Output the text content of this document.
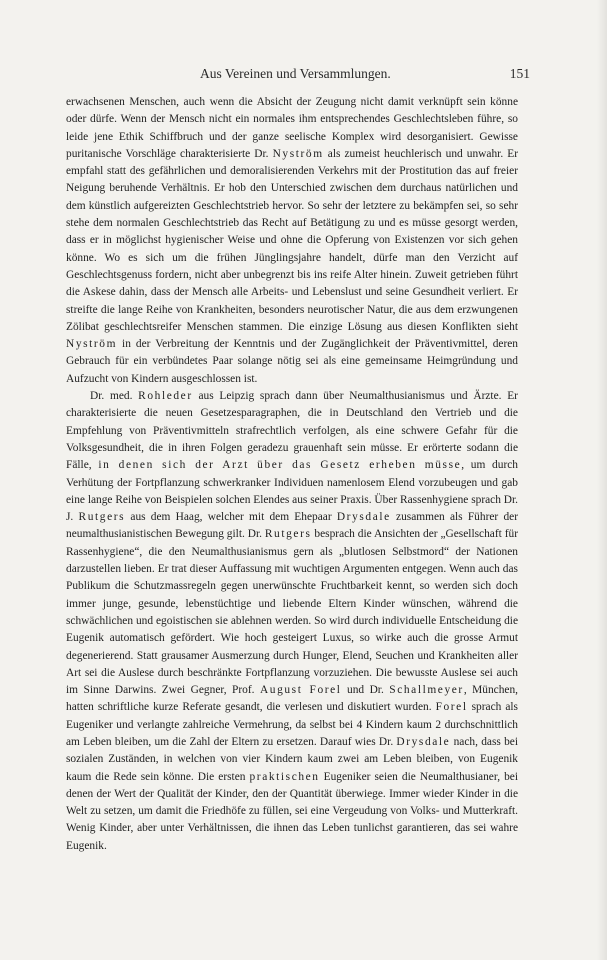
Aus Vereinen und Versammlungen.	151

erwachsenen Menschen, auch wenn die Absicht der Zeugung nicht damit verknüpft sein könne oder dürfe. Wenn der Mensch nicht ein normales ihm entsprechendes Geschlechtsleben führe, so leide jene Ethik Schiffbruch und der ganze seelische Komplex wird desorganisiert. Gewisse puritanische Vorschläge charakterisierte Dr. Nyström als zumeist heuchlerisch und unwahr. Er empfahl statt des gefährlichen und demoralisierenden Verkehrs mit der Prostitution das auf freier Neigung beruhende Verhältnis. Er hob den Unterschied zwischen dem durchaus natürlichen und dem künstlich aufgereizten Geschlechtstrieb hervor. So sehr der letztere zu bekämpfen sei, so sehr stehe dem normalen Geschlechtstrieb das Recht auf Betätigung zu und es müsse gesorgt werden, dass er in möglichst hygienischer Weise und ohne die Opferung von Existenzen vor sich gehen könne. Wo es sich um die frühen Jünglingsjahre handelt, dürfe man den Verzicht auf Geschlechtsgenuss fordern, nicht aber unbegrenzt bis ins reife Alter hinein. Zuweit getrieben führt die Askese dahin, dass der Mensch alle Arbeits- und Lebenslust und seine Gesundheit verliert. Er streifte die lange Reihe von Krankheiten, besonders neurotischer Natur, die aus dem erzwungenen Zölibat geschlechtsreifer Menschen stammen. Die einzige Lösung aus diesen Konflikten sieht Nyström in der Verbreitung der Kenntnis und der Zugänglichkeit der Präventivmittel, deren Gebrauch für ein verbündetes Paar solange nötig sei als eine gemeinsame Heimgründung und Aufzucht von Kindern ausgeschlossen ist.

Dr. med. Rohleder aus Leipzig sprach dann über Neumalthusianismus und Ärzte. Er charakterisierte die neuen Gesetzesparagraphen, die in Deutschland den Vertrieb und die Empfehlung von Präventivmitteln strafrechtlich verfolgen, als eine schwere Gefahr für die Volksgesundheit, die in ihren Folgen geradezu grauenhaft sein müsse. Er erörterte sodann die Fälle, in denen sich der Arzt über das Gesetz erheben müsse, um durch Verhütung der Fortpflanzung schwerkranker Individuen namenlosem Elend vorzubeugen und gab eine lange Reihe von Beispielen solchen Elendes aus seiner Praxis. Über Rassenhygiene sprach Dr. J. Rutgers aus dem Haag, welcher mit dem Ehepaar Drysdale zusammen als Führer der neumalthusianistischen Bewegung gilt. Dr. Rutgers besprach die Ansichten der „Gesellschaft für Rassenhygiene“, die den Neumalthusianismus gern als „blutlosen Selbstmord“ der Nationen darzustellen lieben. Er trat dieser Auffassung mit wuchtigen Argumenten entgegen. Wenn auch das Publikum die Schutzmassregeln gegen unerwünschte Fruchtbarkeit kennt, so werden sich doch immer junge, gesunde, lebenstüchtige und liebende Eltern Kinder wünschen, während die schwächlichen und egoistischen sie ablehnen werden. So wird durch individuelle Entscheidung die Eugenik automatisch gefördert. Wie hoch gesteigert Luxus, so wirke auch die grosse Armut degenerierend. Statt grausamer Ausmerzung durch Hunger, Elend, Seuchen und Krankheiten aller Art sei die Auslese durch beschränkte Fortpflanzung vorzuziehen. Die bewusste Auslese sei auch im Sinne Darwins. Zwei Gegner, Prof. August Forel und Dr. Schallmeyer, München, hatten schriftliche kurze Referate gesandt, die verlesen und diskutiert wurden. Forel sprach als Eugeniker und verlangte zahlreiche Vermehrung, da selbst bei 4 Kindern kaum 2 durchschnittlich am Leben bleiben, um die Zahl der Eltern zu ersetzen. Darauf wies Dr. Drysdale nach, dass bei sozialen Zuständen, in welchen von vier Kindern kaum zwei am Leben bleiben, von Eugenik kaum die Rede sein könne. Die ersten praktischen Eugeniker seien die Neumalthusianer, bei denen der Wert der Qualität der Kinder, den der Quantität überwiege. Immer wieder Kinder in die Welt zu setzen, um damit die Friedhöfe zu füllen, sei eine Vergeudung von Volks- und Mutterkraft. Wenig Kinder, aber unter Verhältnissen, die ihnen das Leben tunlichst garantieren, das sei wahre Eugenik.
